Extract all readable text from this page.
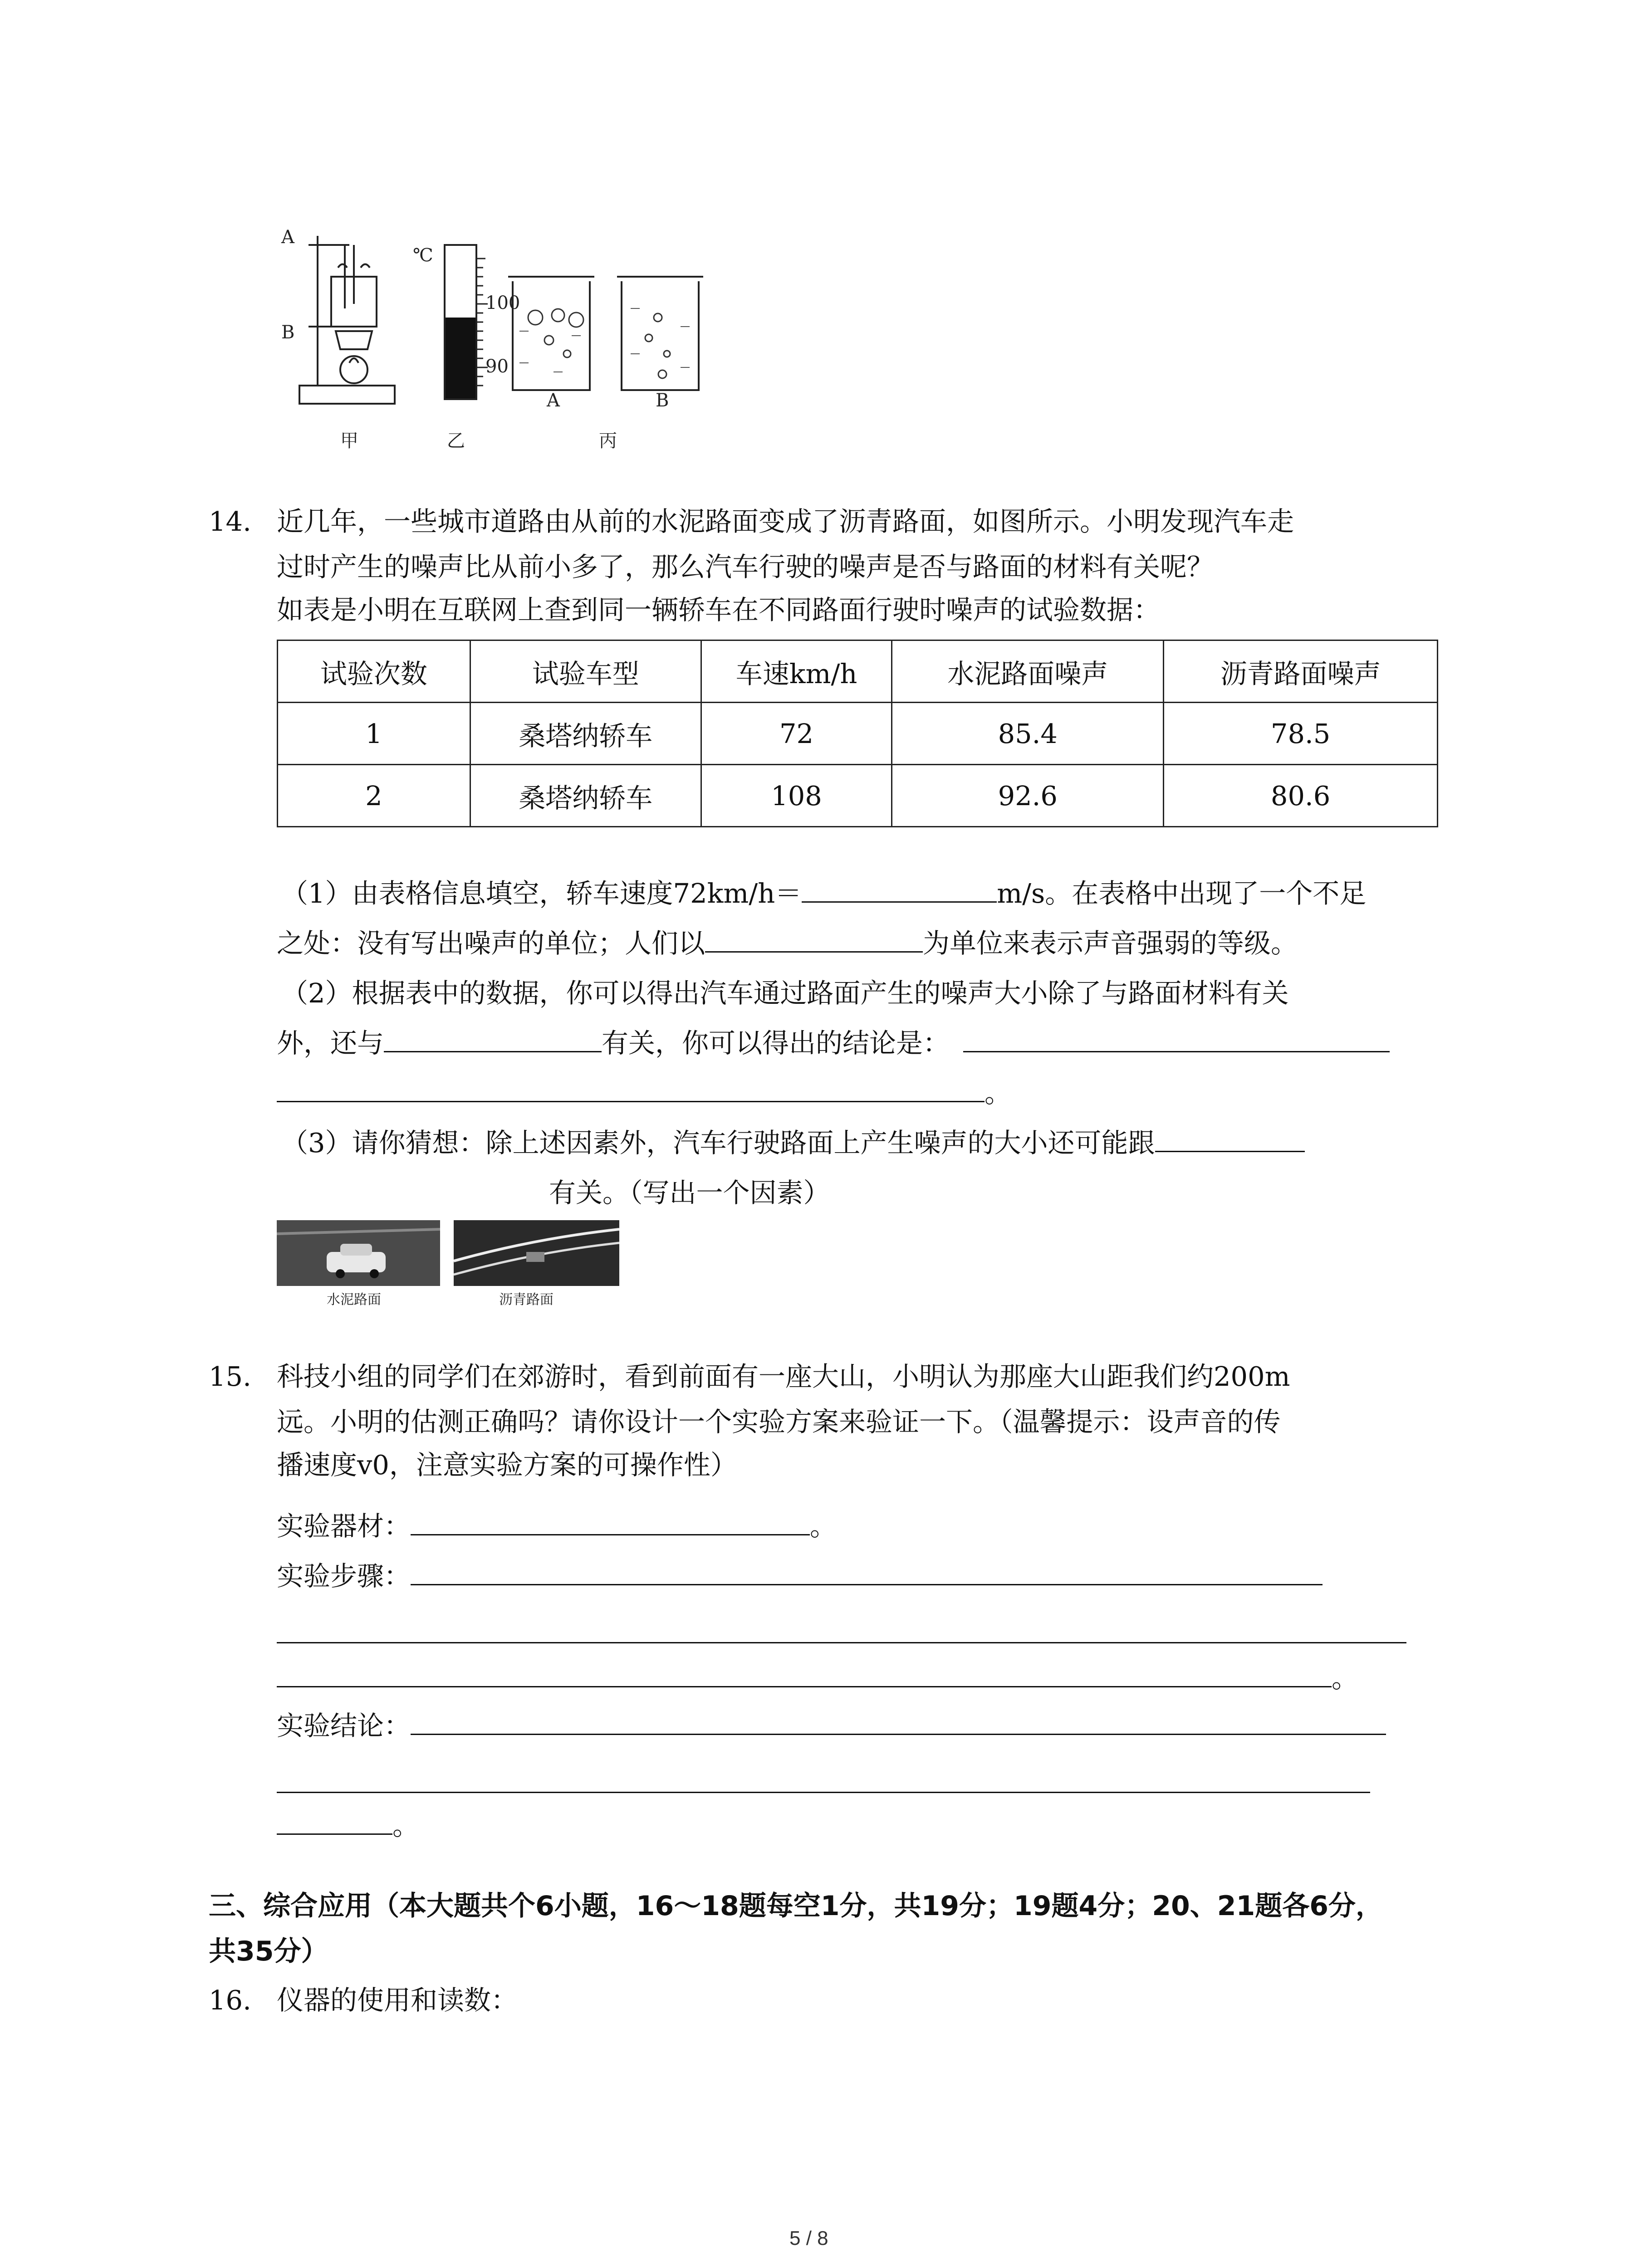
A
B
℃
100
90
A	B
甲	乙	丙
14. 近几年，一些城市道路由从前的水泥路面变成了沥青路面，如图所示。小明发现汽车走
过时产生的噪声比从前小多了，那么汽车行驶的噪声是否与路面的材料有关呢？
如表是小明在互联网上查到同一辆轿车在不同路面行驶时噪声的试验数据：
试验次数	试验车型	车速km/h	水泥路面噪声	沥青路面噪声
1	桑塔纳轿车	72	85.4	78.5
2	桑塔纳轿车	108	92.6	80.6
（1）由表格信息填空，轿车速度72km/h＝	m/s。在表格中出现了一个不足
之处：没有写出噪声的单位；人们以	为单位来表示声音强弱的等级。
（2）根据表中的数据，你可以得出汽车通过路面产生的噪声大小除了与路面材料有关
外，还与	有关，你可以得出的结论是：
。
（3）请你猜想：除上述因素外，汽车行驶路面上产生噪声的大小还可能跟
有关。（写出一个因素）
水泥路面	沥青路面
15. 科技小组的同学们在郊游时，看到前面有一座大山，小明认为那座大山距我们约200m
远。小明的估测正确吗？请你设计一个实验方案来验证一下。（温馨提示：设声音的传
播速度v0，注意实验方案的可操作性）
实验器材：	。
实验步骤：
。
实验结论：
。
三、综合应用（本大题共个6小题，16～18题每空1分，共19分；19题4分；20、21题各6分，
共35分）
16. 仪器的使用和读数：
5 / 8
